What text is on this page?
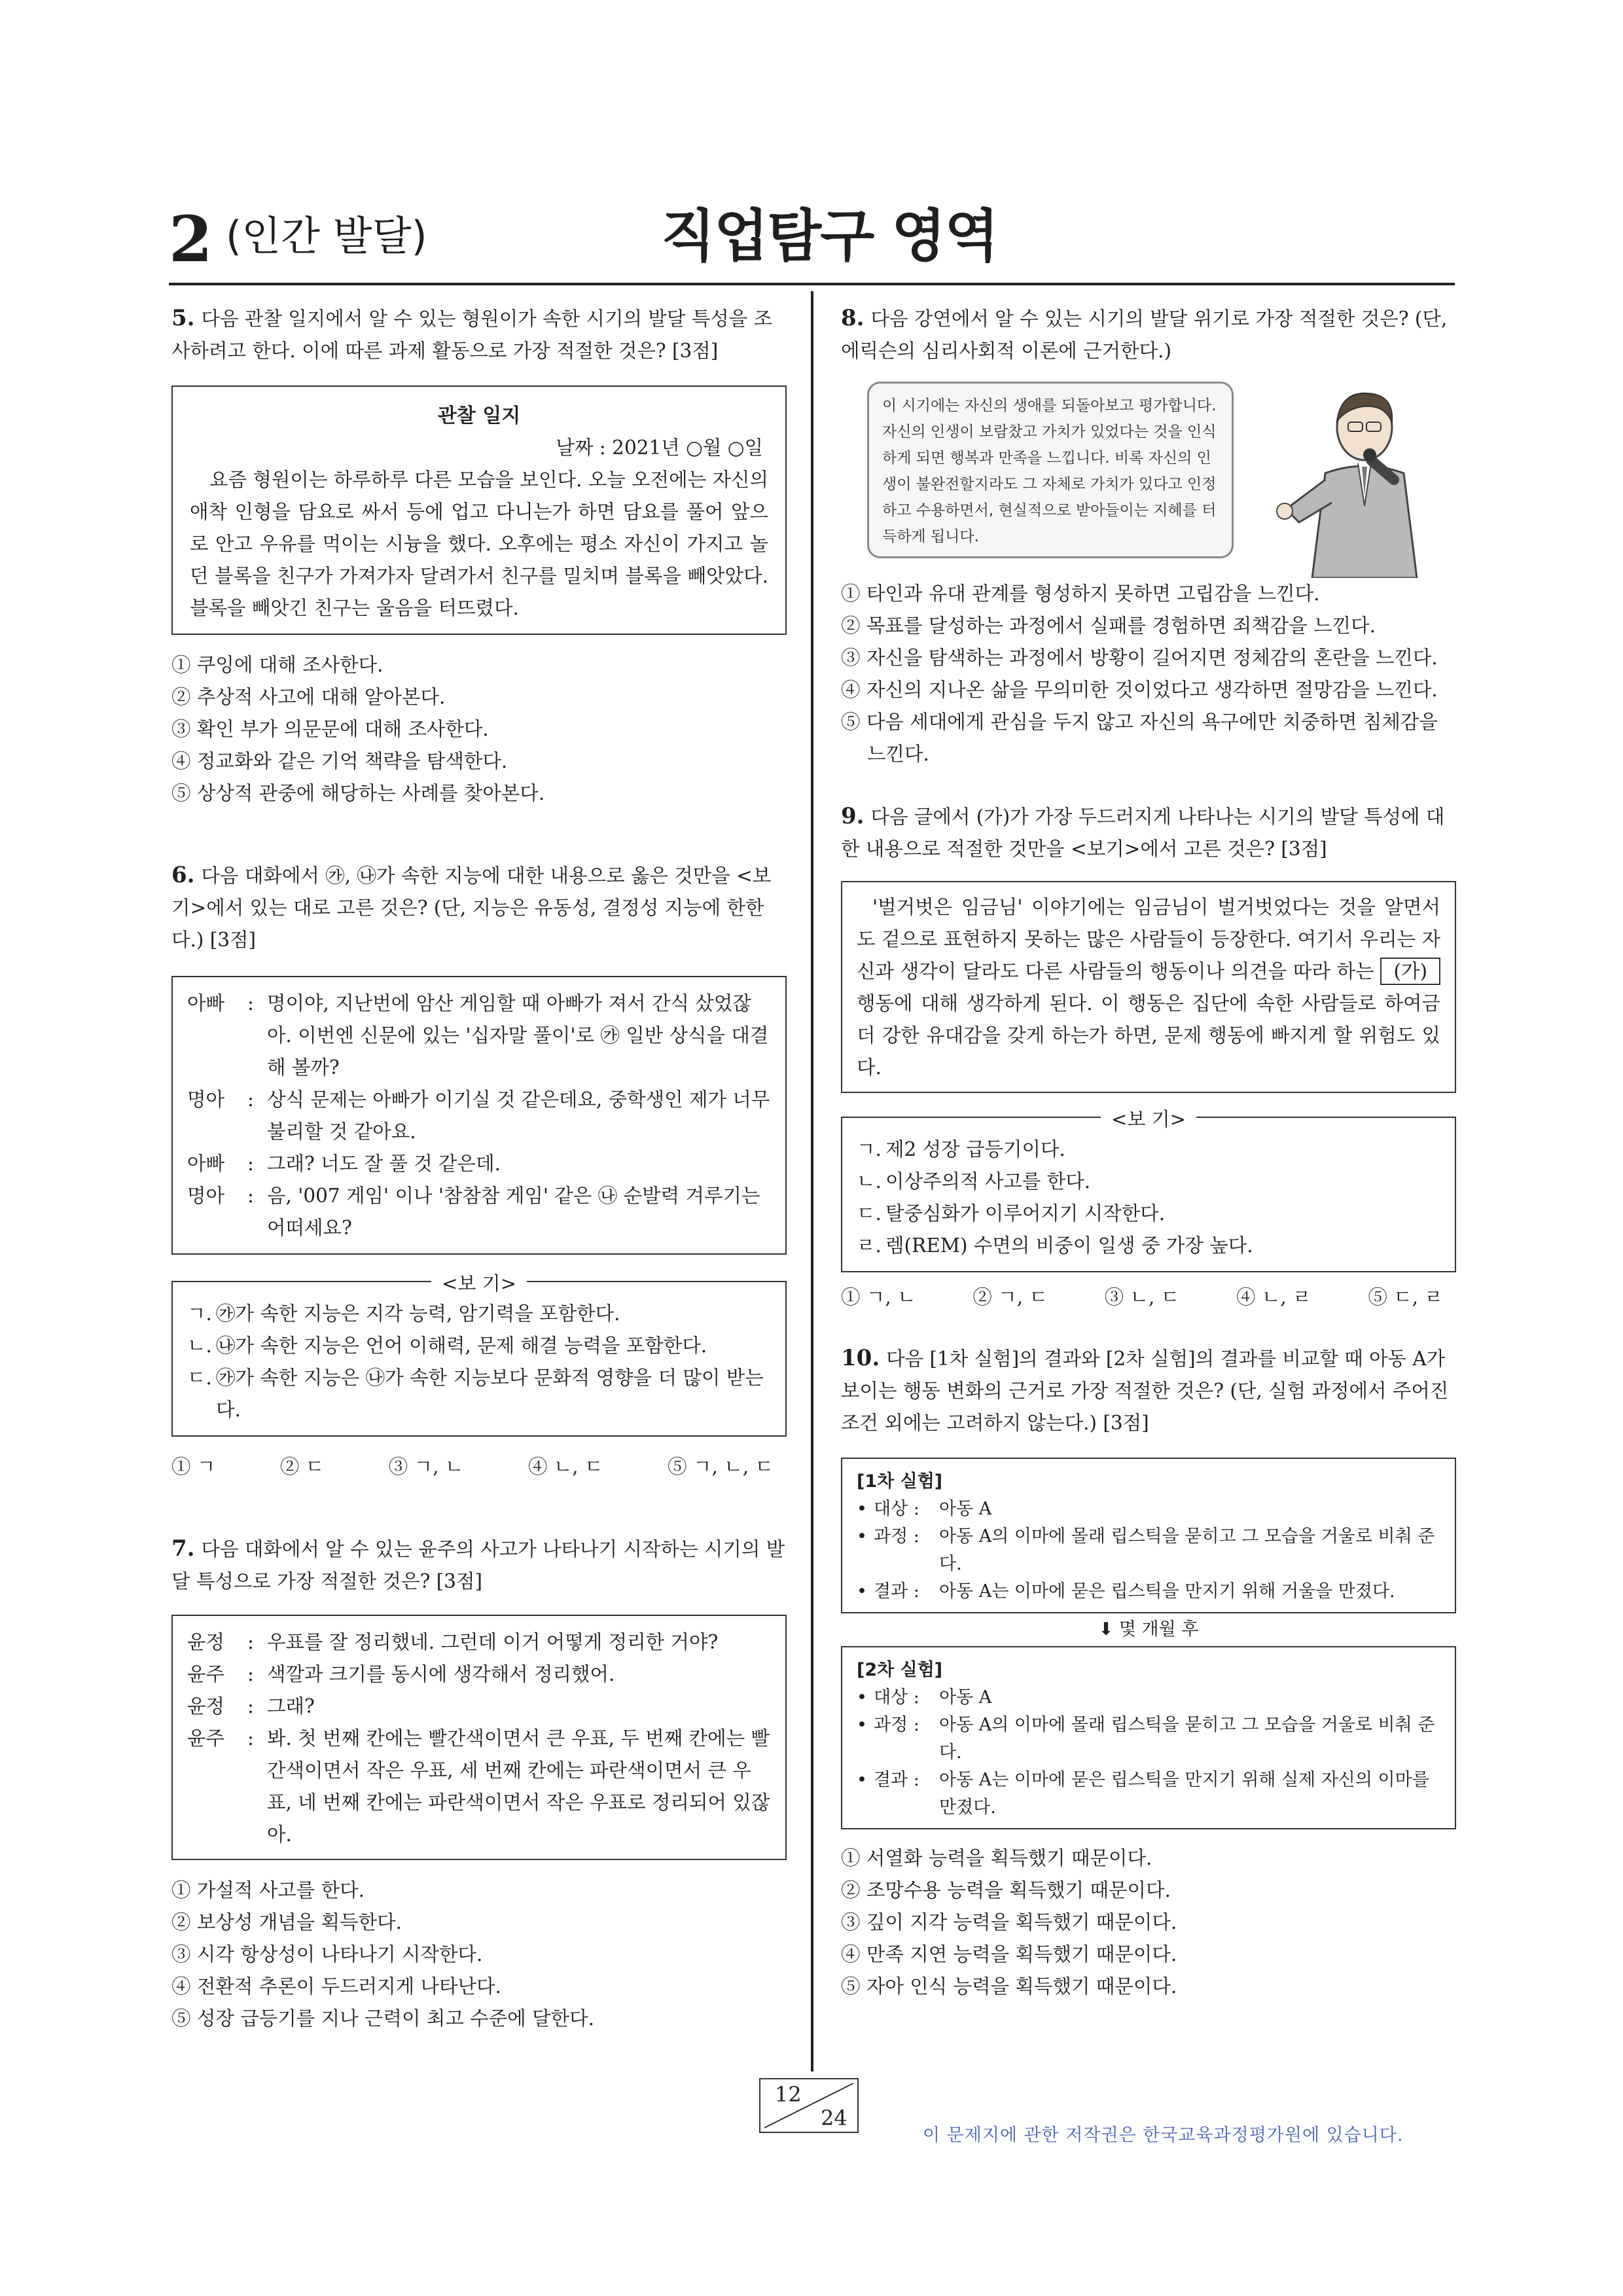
2 (인간 발달)	직업탐구 영역
5. 다음 관찰 일지에서 알 수 있는 형원이가 속한 시기의 발달 특성을 조사하려고 한다. 이에 따른 과제 활동으로 가장 적절한 것은? [3점]

관찰 일지

날짜 : 2021년 ○월 ○일

요즘 형원이는 하루하루 다른 모습을 보인다. 오늘 오전에는 자신의 애착 인형을 담요로 싸서 등에 업고 다니는가 하면 담요를 풀어 앞으로 안고 우유를 먹이는 시늉을 했다. 오후에는 평소 자신이 가지고 놀던 블록을 친구가 가져가자 달려가서 친구를 밀치며 블록을 빼앗았다. 블록을 빼앗긴 친구는 울음을 터뜨렸다.

① 쿠잉에 대해 조사한다.
② 추상적 사고에 대해 알아본다.
③ 확인 부가 의문문에 대해 조사한다.
④ 정교화와 같은 기억 책략을 탐색한다.
⑤ 상상적 관중에 해당하는 사례를 찾아본다.
6. 다음 대화에서 ㉮, ㉯가 속한 지능에 대한 내용으로 옳은 것만을 <보기>에서 있는 대로 고른 것은? (단, 지능은 유동성, 결정성 지능에 한한다.) [3점]
아빠	: 명이야, 지난번에 암산 게임할 때 아빠가 져서 간식 샀었잖아. 이번엔 신문에 있는 '십자말 풀이'로 ㉮ 일반 상식을 대결해 볼까?
명아	: 상식 문제는 아빠가 이기실 것 같은데요, 중학생인 제가 너무 불리할 것 같아요.
아빠	: 그래? 너도 잘 풀 것 같은데.
명아	: 음, '007 게임' 이나 '참참참 게임' 같은 ㉯ 순발력 겨루기는 어떠세요?
<보 기>
ㄱ. ㉮가 속한 지능은 지각 능력, 암기력을 포함한다.
ㄴ. ㉯가 속한 지능은 언어 이해력, 문제 해결 능력을 포함한다.
ㄷ. ㉮가 속한 지능은 ㉯가 속한 지능보다 문화적 영향을 더 많이 받는다.
① ㄱ	② ㄷ	③ ㄱ, ㄴ	④ ㄴ, ㄷ	⑤ ㄱ, ㄴ, ㄷ
7. 다음 대화에서 알 수 있는 윤주의 사고가 나타나기 시작하는 시기의 발달 특성으로 가장 적절한 것은? [3점]
윤정	: 우표를 잘 정리했네. 그런데 이거 어떻게 정리한 거야?
윤주	: 색깔과 크기를 동시에 생각해서 정리했어.
윤정	: 그래?
윤주	: 봐. 첫 번째 칸에는 빨간색이면서 큰 우표, 두 번째 칸에는 빨간색이면서 작은 우표, 세 번째 칸에는 파란색이면서 큰 우표, 네 번째 칸에는 파란색이면서 작은 우표로 정리되어 있잖아.
① 가설적 사고를 한다.
② 보상성 개념을 획득한다.
③ 시각 항상성이 나타나기 시작한다.
④ 전환적 추론이 두드러지게 나타난다.
⑤ 성장 급등기를 지나 근력이 최고 수준에 달한다.
8. 다음 강연에서 알 수 있는 시기의 발달 위기로 가장 적절한 것은? (단, 에릭슨의 심리사회적 이론에 근거한다.)
이 시기에는 자신의 생애를 되돌아보고 평가합니다. 자신의 인생이 보람찼고 가치가 있었다는 것을 인식하게 되면 행복과 만족을 느낍니다. 비록 자신의 인생이 불완전할지라도 그 자체로 가치가 있다고 인정하고 수용하면서, 현실적으로 받아들이는 지혜를 터득하게 됩니다.
① 타인과 유대 관계를 형성하지 못하면 고립감을 느낀다.
② 목표를 달성하는 과정에서 실패를 경험하면 죄책감을 느낀다.
③ 자신을 탐색하는 과정에서 방황이 길어지면 정체감의 혼란을 느낀다.
④ 자신의 지나온 삶을 무의미한 것이었다고 생각하면 절망감을 느낀다.
⑤ 다음 세대에게 관심을 두지 않고 자신의 욕구에만 치중하면 침체감을 느낀다.
9. 다음 글에서 (가)가 가장 두드러지게 나타나는 시기의 발달 특성에 대한 내용으로 적절한 것만을 <보기>에서 고른 것은? [3점]
'벌거벗은 임금님' 이야기에는 임금님이 벌거벗었다는 것을 알면서도 겉으로 표현하지 못하는 많은 사람들이 등장한다. 여기서 우리는 자신과 생각이 달라도 다른 사람들의 행동이나 의견을 따라 하는 (가) 행동에 대해 생각하게 된다. 이 행동은 집단에 속한 사람들로 하여금 더 강한 유대감을 갖게 하는가 하면, 문제 행동에 빠지게 할 위험도 있다.
<보 기>
ㄱ. 제2 성장 급등기이다.
ㄴ. 이상주의적 사고를 한다.
ㄷ. 탈중심화가 이루어지기 시작한다.
ㄹ. 렘(REM) 수면의 비중이 일생 중 가장 높다.
① ㄱ, ㄴ	② ㄱ, ㄷ	③ ㄴ, ㄷ	④ ㄴ, ㄹ	⑤ ㄷ, ㄹ
10. 다음 [1차 실험]의 결과와 [2차 실험]의 결과를 비교할 때 아동 A가 보이는 행동 변화의 근거로 가장 적절한 것은? (단, 실험 과정에서 주어진 조건 외에는 고려하지 않는다.) [3점]
[1차 실험]
• 대상 :	아동 A
• 과정 :	아동 A의 이마에 몰래 립스틱을 묻히고 그 모습을 거울로 비춰 준다.
• 결과 :	아동 A는 이마에 묻은 립스틱을 만지기 위해 거울을 만졌다.
⬇ 몇 개월 후
[2차 실험]
• 대상 :	아동 A
• 과정 :	아동 A의 이마에 몰래 립스틱을 묻히고 그 모습을 거울로 비춰 준다.
• 결과 :	아동 A는 이마에 묻은 립스틱을 만지기 위해 실제 자신의 이마를 만졌다.
① 서열화 능력을 획득했기 때문이다.
② 조망수용 능력을 획득했기 때문이다.
③ 깊이 지각 능력을 획득했기 때문이다.
④ 만족 지연 능력을 획득했기 때문이다.
⑤ 자아 인식 능력을 획득했기 때문이다.
12
24
이 문제지에 관한 저작권은 한국교육과정평가원에 있습니다.
